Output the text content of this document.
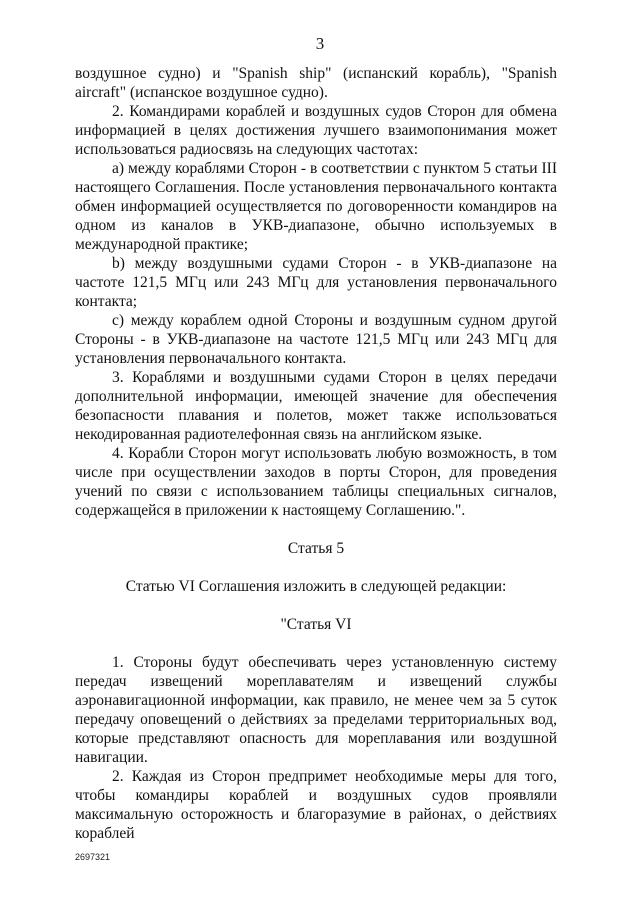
3

воздушное судно) и "Spanish ship" (испанский корабль), "Spanish aircraft" (испанское воздушное судно).

2. Командирами кораблей и воздушных судов Сторон для обмена информацией в целях достижения лучшего взаимопонимания может использоваться радиосвязь на следующих частотах:

а) между кораблями Сторон - в соответствии с пунктом 5 статьи III настоящего Соглашения. После установления первоначального контакта обмен информацией осуществляется по договоренности командиров на одном из каналов в УКВ-диапазоне, обычно используемых в международной практике;

b) между воздушными судами Сторон - в УКВ-диапазоне на частоте 121,5 МГц или 243 МГц для установления первоначального контакта;

с) между кораблем одной Стороны и воздушным судном другой Стороны - в УКВ-диапазоне на частоте 121,5 МГц или 243 МГц для установления первоначального контакта.

3. Кораблями и воздушными судами Сторон в целях передачи дополнительной информации, имеющей значение для обеспечения безопасности плавания и полетов, может также использоваться некодированная радиотелефонная связь на английском языке.

4. Корабли Сторон могут использовать любую возможность, в том числе при осуществлении заходов в порты Сторон, для проведения учений по связи с использованием таблицы специальных сигналов, содержащейся в приложении к настоящему Соглашению.".

Статья 5

Статью VI Соглашения изложить в следующей редакции:

"Статья VI

1. Стороны будут обеспечивать через установленную систему передач извещений мореплавателям и извещений службы аэронавигационной информации, как правило, не менее чем за 5 суток передачу оповещений о действиях за пределами территориальных вод, которые представляют опасность для мореплавания или воздушной навигации.

2. Каждая из Сторон предпримет необходимые меры для того, чтобы командиры кораблей и воздушных судов проявляли максимальную осторожность и благоразумие в районах, о действиях кораблей

2697321
